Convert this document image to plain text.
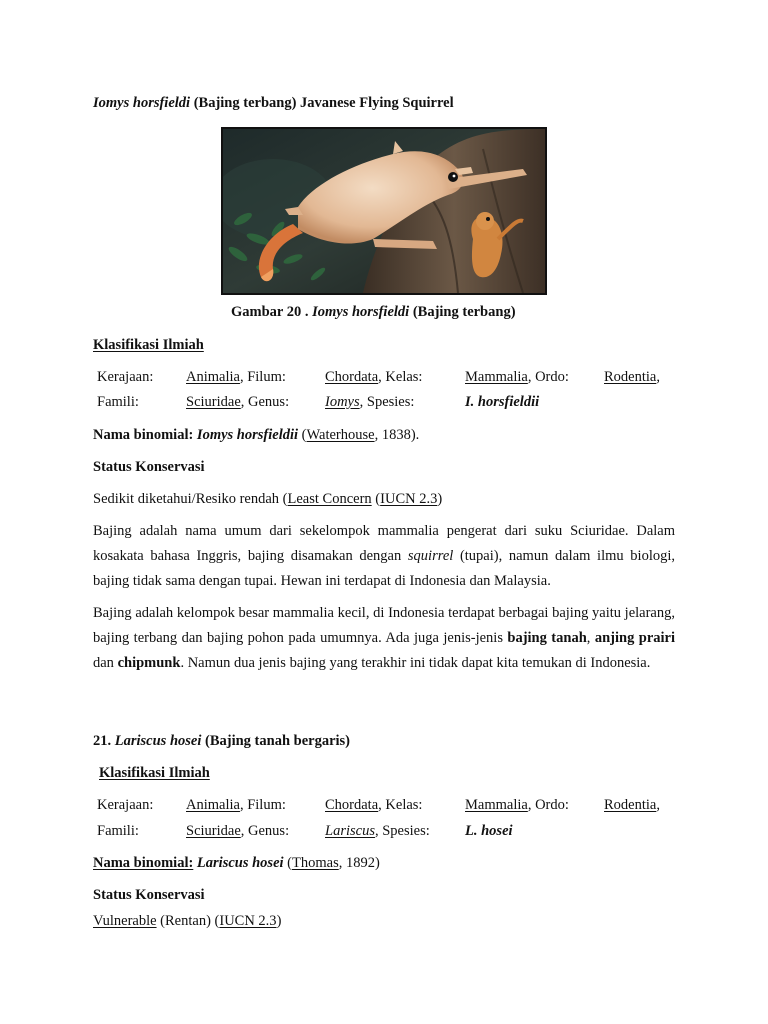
Iomys horsfieldi (Bajing terbang) Javanese Flying Squirrel
Gambar 20 . Iomys horsfieldi (Bajing terbang)
Klasifikasi Ilmiah
Kerajaan: Animalia, Filum:	Chordata, Kelas:	Mammalia, Ordo: Rodentia,
Famili:	Sciuridae, Genus: Iomys, Spesies:	I. horsfieldii
Nama binomial: Iomys horsfieldii (Waterhouse, 1838).
Status Konservasi
Sedikit diketahui/Resiko rendah (Least Concern (IUCN 2.3)
Bajing adalah nama umum dari sekelompok mammalia pengerat dari suku Sciuridae. Dalam kosakata bahasa Inggris, bajing disamakan dengan squirrel (tupai), namun dalam ilmu biologi, bajing tidak sama dengan tupai. Hewan ini terdapat di Indonesia dan Malaysia.
Bajing adalah kelompok besar mammalia kecil, di Indonesia terdapat berbagai bajing yaitu jelarang, bajing terbang dan bajing pohon pada umumnya. Ada juga jenis-jenis bajing tanah, anjing prairi dan chipmunk. Namun dua jenis bajing yang terakhir ini tidak dapat kita temukan di Indonesia.
21. Lariscus hosei (Bajing tanah bergaris)
Klasifikasi Ilmiah
Kerajaan: Animalia, Filum:	Chordata, Kelas:	Mammalia, Ordo: Rodentia,
Famili:	Sciuridae, Genus: Lariscus, Spesies: L. hosei
Nama binomial: Lariscus hosei (Thomas, 1892)
Status Konservasi
Vulnerable (Rentan) (IUCN 2.3)
